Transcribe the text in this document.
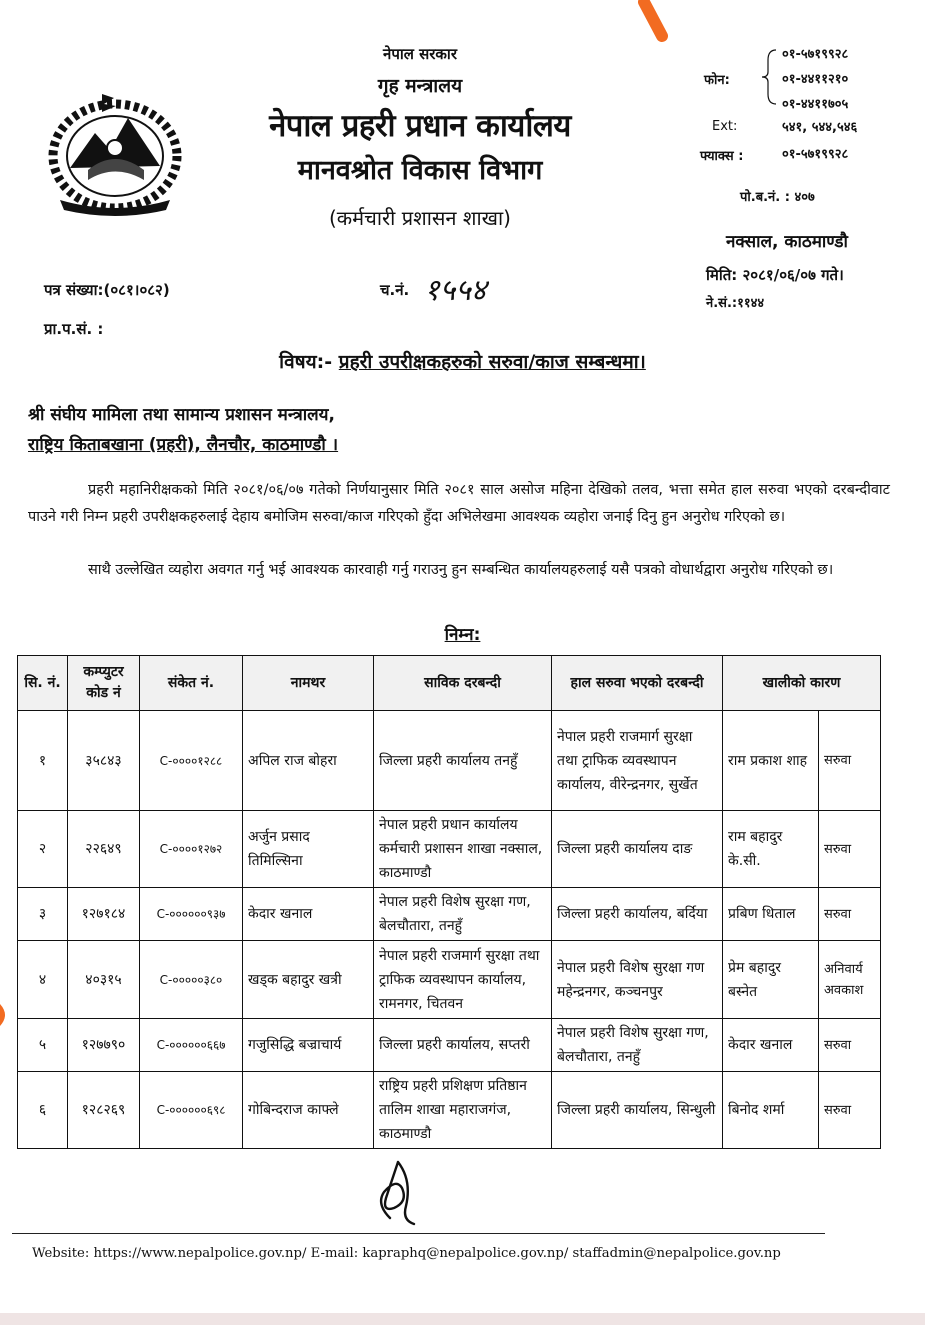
नेपाल सरकार
गृह मन्त्रालय
नेपाल प्रहरी प्रधान कार्यालय
मानवश्रोत विकास विभाग
(कर्मचारी प्रशासन शाखा)
फोन:
०१-५७१९९२८
०१-४४११२१०
०१-४४११७०५
Ext:	५४१, ५४४,५४६
फ्याक्स :	०१-५७१९९२८
पो.ब.नं. : ४०७
नक्साल, काठमाण्डौ
मिति: २०८१/०६/०७ गते।
ने.सं.:११४४
पत्र संख्या:(०८१।०८२)	च.नं. १५५४
प्रा.प.सं. :
विषय:- प्रहरी उपरीक्षकहरुको सरुवा/काज सम्बन्धमा।
श्री संघीय मामिला तथा सामान्य प्रशासन मन्त्रालय,
राष्ट्रिय किताबखाना (प्रहरी), लैनचौर, काठमाण्डौ ।
प्रहरी महानिरीक्षकको मिति २०८१/०६/०७ गतेको निर्णयानुसार मिति २०८१ साल असोज महिना देखिको तलव, भत्ता समेत हाल सरुवा भएको दरबन्दीवाट पाउने गरी निम्न प्रहरी उपरीक्षकहरुलाई देहाय बमोजिम सरुवा/काज गरिएको हुँदा अभिलेखमा आवश्यक व्यहोरा जनाई दिनु हुन अनुरोध गरिएको छ।
साथै उल्लेखित व्यहोरा अवगत गर्नु भई आवश्यक कारवाही गर्नु गराउनु हुन सम्बन्धित कार्यालयहरुलाई यसै पत्रको वोधार्थद्वारा अनुरोध गरिएको छ।
निम्न:
सि. नं.	कम्प्युटर कोड नं	संकेत नं.	नामथर	साविक दरबन्दी	हाल सरुवा भएको दरबन्दी	खालीको कारण	
१	३५८४३	C-००००१२८८	अपिल राज बोहरा	जिल्ला प्रहरी कार्यालय तनहुँ	नेपाल प्रहरी राजमार्ग सुरक्षा तथा ट्राफिक व्यवस्थापन कार्यालय, वीरेन्द्रनगर, सुर्खेत	राम प्रकाश शाह	सरुवा
२	२२६४९	C-००००१२७२	अर्जुन प्रसाद तिमिल्सिना	नेपाल प्रहरी प्रधान कार्यालय कर्मचारी प्रशासन शाखा नक्साल, काठमाण्डौ	जिल्ला प्रहरी कार्यालय दाङ	राम बहादुर के.सी.	सरुवा
३	१२७१८४	C-००००००९३७	केदार खनाल	नेपाल प्रहरी विशेष सुरक्षा गण, बेलचौतारा, तनहुँ	जिल्ला प्रहरी कार्यालय, बर्दिया	प्रबिण धिताल	सरुवा
४	४०३१५	C-०००००३८०	खड्क बहादुर खत्री	नेपाल प्रहरी राजमार्ग सुरक्षा तथा ट्राफिक व्यवस्थापन कार्यालय, रामनगर, चितवन	नेपाल प्रहरी विशेष सुरक्षा गण महेन्द्रनगर, कञ्चनपुर	प्रेम बहादुर बस्नेत	अनिवार्य अवकाश
५	१२७७९०	C-००००००६६७	गजुसिद्धि बज्राचार्य	जिल्ला प्रहरी कार्यालय, सप्तरी	नेपाल प्रहरी विशेष सुरक्षा गण, बेलचौतारा, तनहुँ	केदार खनाल	सरुवा
६	१२८२६९	C-००००००६९८	गोबिन्दराज काफ्ले	राष्ट्रिय प्रहरी प्रशिक्षण प्रतिष्ठान तालिम शाखा महाराजगंज, काठमाण्डौ	जिल्ला प्रहरी कार्यालय, सिन्धुली	बिनोद शर्मा	सरुवा
Website: https://www.nepalpolice.gov.np/ E-mail: kapraphq@nepalpolice.gov.np/ staffadmin@nepalpolice.gov.np
